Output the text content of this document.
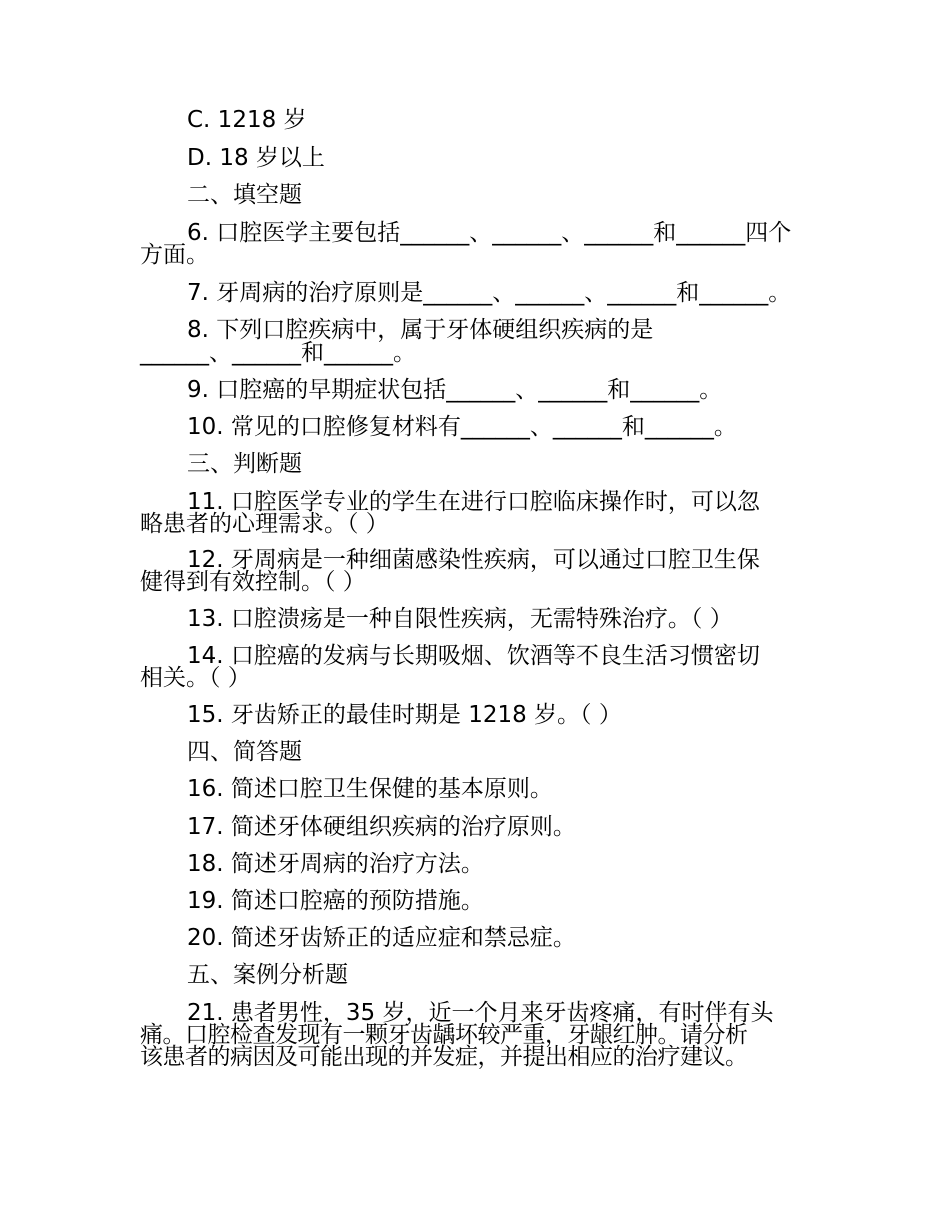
C. 1218 岁
D. 18 岁以上
二、填空题
6. 口腔医学主要包括______、______、______和______四个
方面。
7. 牙周病的治疗原则是______、______、______和______。
8. 下列口腔疾病中，属于牙体硬组织疾病的是
______、______和______。
9. 口腔癌的早期症状包括______、______和______。
10. 常见的口腔修复材料有______、______和______。
三、判断题
11. 口腔医学专业的学生在进行口腔临床操作时，可以忽
略患者的心理需求。（ ）
12. 牙周病是一种细菌感染性疾病，可以通过口腔卫生保
健得到有效控制。（ ）
13. 口腔溃疡是一种自限性疾病，无需特殊治疗。（ ）
14. 口腔癌的发病与长期吸烟、饮酒等不良生活习惯密切
相关。（ ）
15. 牙齿矫正的最佳时期是 1218 岁。（ ）
四、简答题
16. 简述口腔卫生保健的基本原则。
17. 简述牙体硬组织疾病的治疗原则。
18. 简述牙周病的治疗方法。
19. 简述口腔癌的预防措施。
20. 简述牙齿矫正的适应症和禁忌症。
五、案例分析题
21. 患者男性，35 岁，近一个月来牙齿疼痛，有时伴有头
痛。口腔检查发现有一颗牙齿龋坏较严重，牙龈红肿。请分析
该患者的病因及可能出现的并发症，并提出相应的治疗建议。
